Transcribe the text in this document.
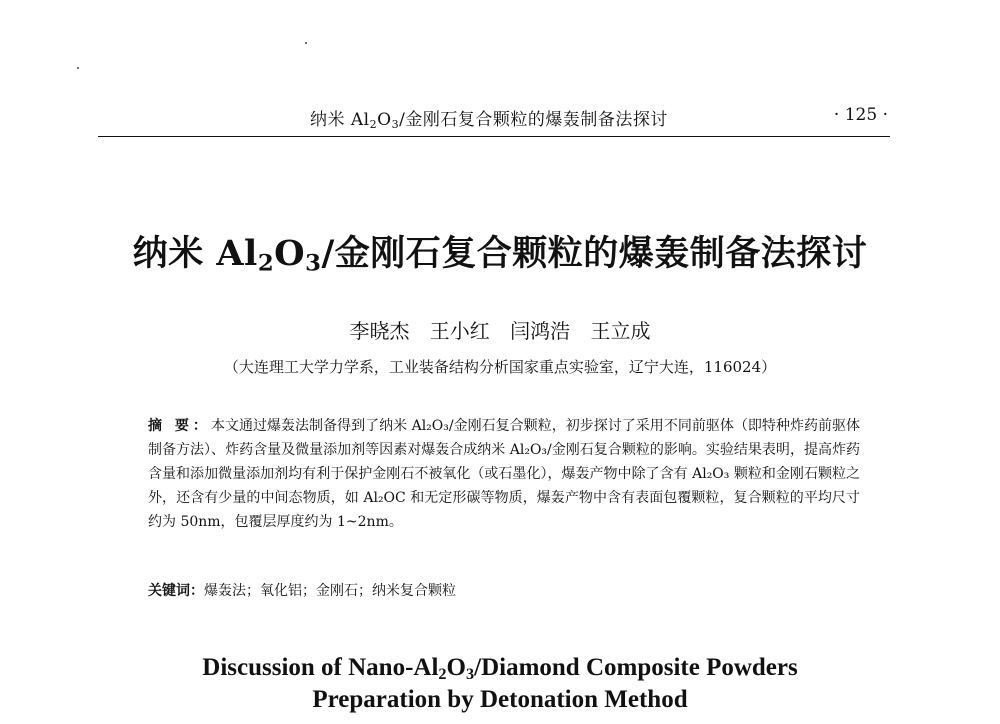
纳米 $Al_2O_3/$金刚石复合颗粒的爆轰制备法探讨	· 125 ·
纳米 $Al_2O_3/$金刚石复合颗粒的爆轰制备法探讨
李晓杰 王小红 闫鸿浩 王立成
（大连理工大学力学系，工业装备结构分析国家重点实验室，辽宁大连，116024）
摘 要：本文通过爆轰法制备得到了纳米 Al₂O₃/金刚石复合颗粒，初步探讨了采用不同前驱体（即特种炸药前驱体制备方法）、炸药含量及微量添加剂等因素对爆轰合成纳米 Al₂O₃/金刚石复合颗粒的影响。实验结果表明，提高炸药含量和添加微量添加剂均有利于保护金刚石不被氧化（或石墨化），爆轰产物中除了含有 Al₂O₃ 颗粒和金刚石颗粒之外，还含有少量的中间态物质，如 Al₂OC 和无定形碳等物质，爆轰产物中含有表面包覆颗粒，复合颗粒的平均尺寸约为 50nm，包覆层厚度约为 1~2nm。
关键词：爆轰法；氧化铝；金刚石；纳米复合颗粒
Discussion of Nano-$Al_2O_3$/Diamond Composite Powders
Preparation by Detonation Method
